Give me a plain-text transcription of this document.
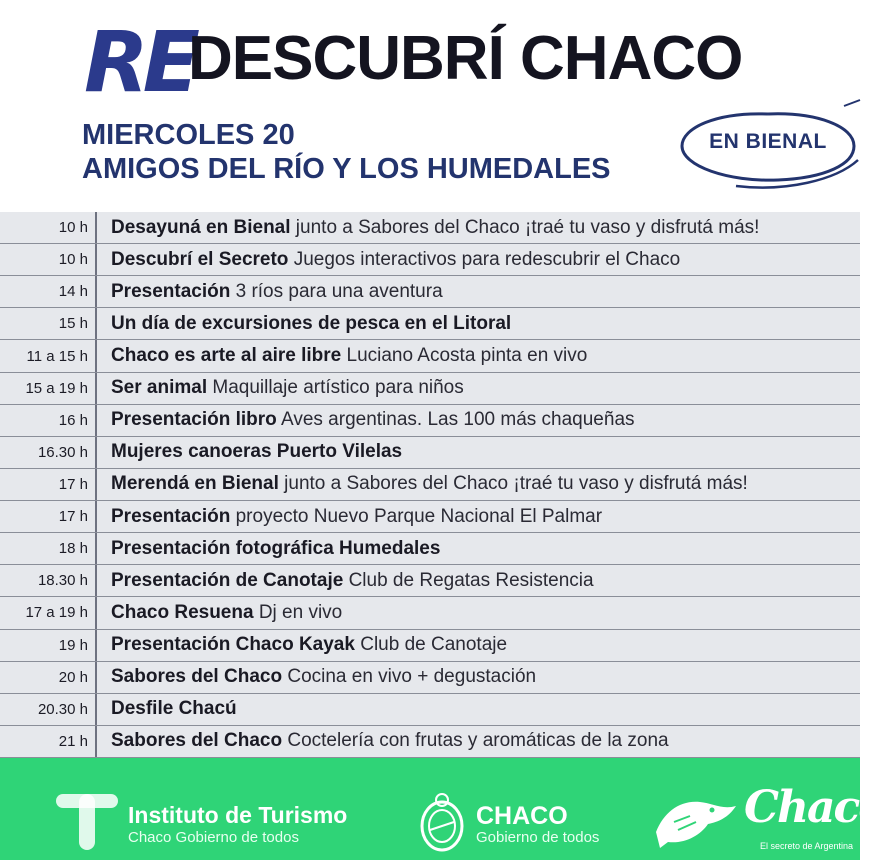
RE
DESCUBRÍ CHACO
MIERCOLES 20
AMIGOS DEL RÍO Y LOS HUMEDALES
EN BIENAL
10 h Desayuná en Bienal junto a Sabores del Chaco ¡traé tu vaso y disfrutá más!
10 h Descubrí el Secreto Juegos interactivos para redescubrir el Chaco
14 h Presentación 3 ríos para una aventura
15 h Un día de excursiones de pesca en el Litoral
11 a 15 h Chaco es arte al aire libre Luciano Acosta pinta en vivo
15 a 19 h Ser animal Maquillaje artístico para niños
16 h Presentación libro Aves argentinas. Las 100 más chaqueñas
16.30 h Mujeres canoeras Puerto Vilelas
17 h Merendá en Bienal junto a Sabores del Chaco ¡traé tu vaso y disfrutá más!
17 h Presentación proyecto Nuevo Parque Nacional El Palmar
18 h Presentación fotográfica Humedales
18.30 h Presentación de Canotaje Club de Regatas Resistencia
17 a 19 h Chaco Resuena Dj en vivo
19 h Presentación Chaco Kayak Club de Canotaje
20 h Sabores del Chaco Cocina en vivo + degustación
20.30 h Desfile Chacú
21 h Sabores del Chaco Coctelería con frutas y aromáticas de la zona
Instituto de Turismo
Chaco Gobierno de todos
CHACO
Gobierno de todos
Chaco
El secreto de Argentina
